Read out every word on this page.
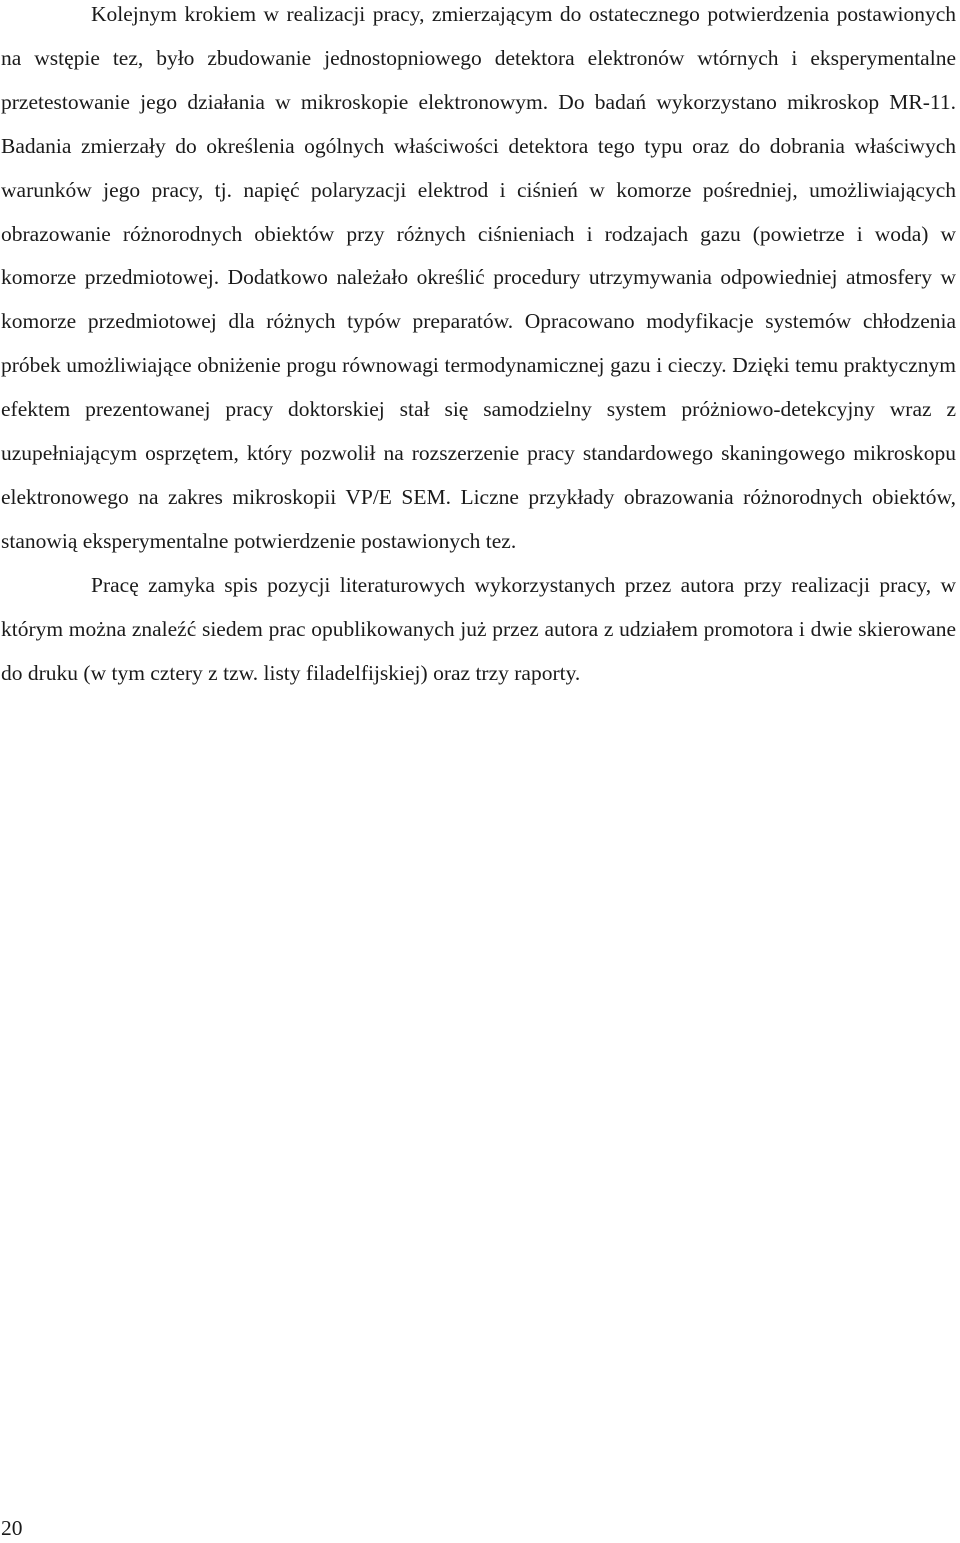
Kolejnym krokiem w realizacji pracy, zmierzającym do ostatecznego potwierdzenia postawionych na wstępie tez, było zbudowanie jednostopniowego detektora elektronów wtórnych i eksperymentalne przetestowanie jego działania w mikroskopie elektronowym. Do badań wykorzystano mikroskop MR-11. Badania zmierzały do określenia ogólnych właściwości detektora tego typu oraz do dobrania właściwych warunków jego pracy, tj. napięć polaryzacji elektrod i ciśnień w komorze pośredniej, umożliwiających obrazowanie różnorodnych obiektów przy różnych ciśnieniach i rodzajach gazu (powietrze i woda) w komorze przedmiotowej. Dodatkowo należało określić procedury utrzymywania odpowiedniej atmosfery w komorze przedmiotowej dla różnych typów preparatów. Opracowano modyfikacje systemów chłodzenia próbek umożliwiające obniżenie progu równowagi termodynamicznej gazu i cieczy. Dzięki temu praktycznym efektem prezentowanej pracy doktorskiej stał się samodzielny system próżniowo-detekcyjny wraz z uzupełniającym osprzętem, który pozwolił na rozszerzenie pracy standardowego skaningowego mikroskopu elektronowego na zakres mikroskopii VP/E SEM. Liczne przykłady obrazowania różnorodnych obiektów, stanowią eksperymentalne potwierdzenie postawionych tez.

Pracę zamyka spis pozycji literaturowych wykorzystanych przez autora przy realizacji pracy, w którym można znaleźć siedem prac opublikowanych już przez autora z udziałem promotora i dwie skierowane do druku (w tym cztery z tzw. listy filadelfijskiej) oraz trzy raporty.

20
